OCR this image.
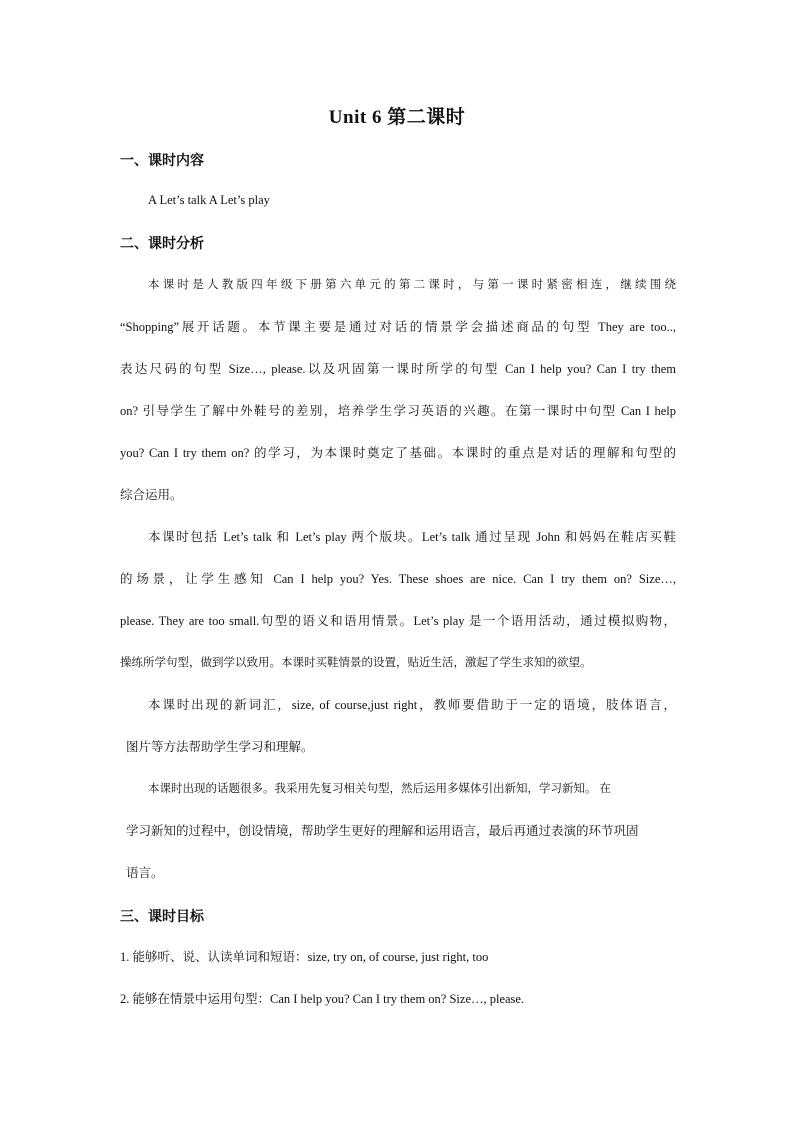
Unit 6 第二课时
一、课时内容
A Let’s talk A Let’s play
二、课时分析
本课时是人教版四年级下册第六单元的第二课时，与第一课时紧密相连，继续围绕
“Shopping”展开话题。本节课主要是通过对话的情景学会描述商品的句型 They are too..,
表达尺码的句型 Size…, please.以及巩固第一课时所学的句型 Can I help you? Can I try them
on? 引导学生了解中外鞋号的差别，培养学生学习英语的兴趣。在第一课时中句型 Can I help
you? Can I try them on? 的学习，为本课时奠定了基础。本课时的重点是对话的理解和句型的
综合运用。
本课时包括 Let’s talk 和 Let’s play 两个版块。Let’s talk 通过呈现 John 和妈妈在鞋店买鞋
的场景，让学生感知 Can I help you? Yes. These shoes are nice. Can I try them on? Size…,
please. They are too small.句型的语义和语用情景。Let’s play 是一个语用活动，通过模拟购物，
操练所学句型，做到学以致用。本课时买鞋情景的设置，贴近生活，激起了学生求知的欲望。
本课时出现的新词汇，size, of course,just right，教师要借助于一定的语境，肢体语言，
图片等方法帮助学生学习和理解。
本课时出现的话题很多。我采用先复习相关句型，然后运用多媒体引出新知，学习新知。 在
学习新知的过程中，创设情境，帮助学生更好的理解和运用语言，最后再通过表演的环节巩固
语言。
三、课时目标
1. 能够听、说、认读单词和短语：size, try on, of course, just right, too
2. 能够在情景中运用句型：Can I help you? Can I try them on? Size…, please.
